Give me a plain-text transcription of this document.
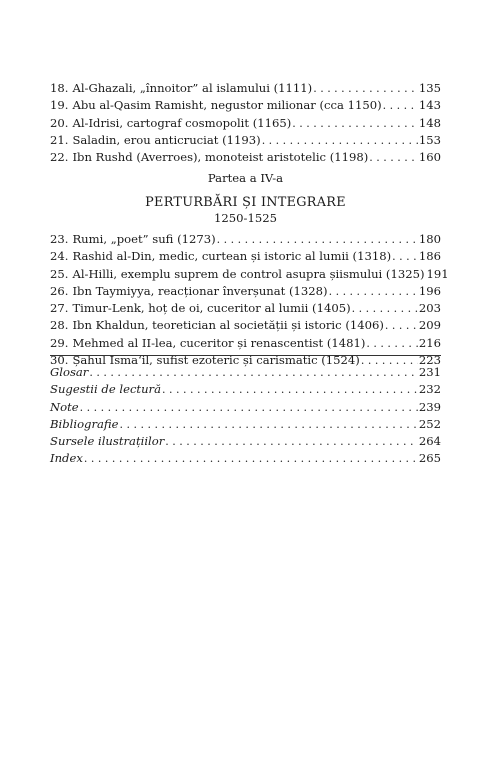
18. Al-Ghazali, „înnoitor” al islamului (1111) . . .	135
19. Abu al-Qasim Ramisht, negustor milionar (cca 1150) . . .	143
20. Al-Idrisi, cartograf cosmopolit (1165) . . .	148
21. Saladin, erou anticruciat (1193) . . .	153
22. Ibn Rushd (Averroes), monoteist aristotelic (1198) . . .	160
Partea a IV-a
PERTURBĂRI ȘI INTEGRARE
1250-1525
23. Rumi, „poet” sufi (1273) . . .	180
24. Rashid al-Din, medic, curtean și istoric al lumii (1318) . . . 186
25. Al-Hilli, exemplu suprem de control asupra șiismului (1325) 191
26. Ibn Taymiyya, reacționar înverșunat (1328) . . .	196
27. Timur-Lenk, hoț de oi, cuceritor al lumii (1405) . . .	203
28. Ibn Khaldun, teoretician al societății și istoric (1406) . . .	209
29. Mehmed al II-lea, cuceritor și renascentist (1481) . . .	216
30. Șahul Isma‘il, sufist ezoteric și carismatic (1524) . . .	223
Glosar . . .	231
Sugestii de lectură . . .	232
Note . . .	239
Bibliografie . . .	252
Sursele ilustrațiilor . . .	264
Index . . .	265
